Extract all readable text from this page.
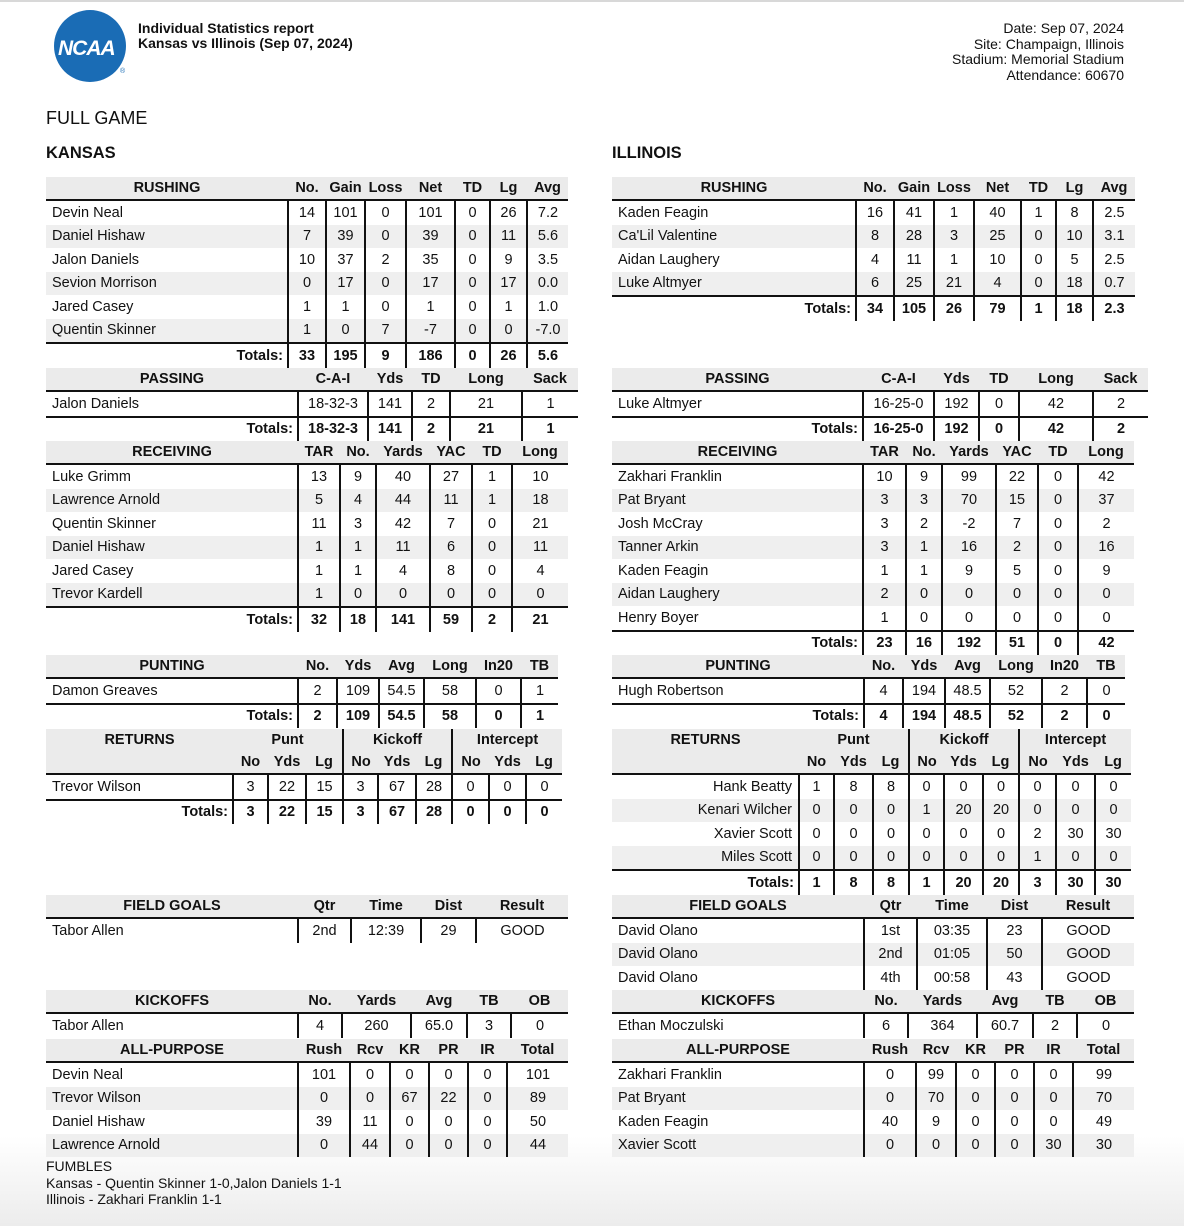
NCAA
®
Individual Statistics report
Kansas vs Illinois (Sep 07, 2024)
Date: Sep 07, 2024
Site: Champaign, Illinois
Stadium: Memorial Stadium
Attendance: 60670
FULL GAME
KANSAS	ILLINOIS
RUSHING	No.	Gain	Loss	Net	TD	Lg	Avg
Devin Neal	14	101	0	101	0	26	7.2
Daniel Hishaw	7	39	0	39	0	11	5.6
Jalon Daniels	10	37	2	35	0	9	3.5
Sevion Morrison	0	17	0	17	0	17	0.0
Jared Casey	1	1	0	1	0	1	1.0
Quentin Skinner	1	0	7	-7	0	0	-7.0
Totals:	33	195	9	186	0	26	5.6
RUSHING	No.	Gain	Loss	Net	TD	Lg	Avg
Kaden Feagin	16	41	1	40	1	8	2.5
Ca'Lil Valentine	8	28	3	25	0	10	3.1
Aidan Laughery	4	11	1	10	0	5	2.5
Luke Altmyer	6	25	21	4	0	18	0.7
Totals:	34	105	26	79	1	18	2.3
PASSING	C-A-I	Yds	TD	Long	Sack
Jalon Daniels	18-32-3	141	2	21	1
Totals:	18-32-3	141	2	21	1
PASSING	C-A-I	Yds	TD	Long	Sack
Luke Altmyer	16-25-0	192	0	42	2
Totals:	16-25-0	192	0	42	2
RECEIVING	TAR	No.	Yards	YAC	TD	Long
Luke Grimm	13	9	40	27	1	10
Lawrence Arnold	5	4	44	11	1	18
Quentin Skinner	11	3	42	7	0	21
Daniel Hishaw	1	1	11	6	0	11
Jared Casey	1	1	4	8	0	4
Trevor Kardell	1	0	0	0	0	0
Totals:	32	18	141	59	2	21
RECEIVING	TAR	No.	Yards	YAC	TD	Long
Zakhari Franklin	10	9	99	22	0	42
Pat Bryant	3	3	70	15	0	37
Josh McCray	3	2	-2	7	0	2
Tanner Arkin	3	1	16	2	0	16
Kaden Feagin	1	1	9	5	0	9
Aidan Laughery	2	0	0	0	0	0
Henry Boyer	1	0	0	0	0	0
Totals:	23	16	192	51	0	42
PUNTING	No.	Yds	Avg	Long	In20	TB
Damon Greaves	2	109	54.5	58	0	1
Totals:	2	109	54.5	58	0	1
PUNTING	No.	Yds	Avg	Long	In20	TB
Hugh Robertson	4	194	48.5	52	2	0
Totals:	4	194	48.5	52	2	0
RETURNS	Punt			Kickoff			Intercept		
	No	Yds	Lg	No	Yds	Lg	No	Yds	Lg
Trevor Wilson	3	22	15	3	67	28	0	0	0
Totals:	3	22	15	3	67	28	0	0	0
RETURNS	Punt			Kickoff			Intercept		
	No	Yds	Lg	No	Yds	Lg	No	Yds	Lg
Hank Beatty	1	8	8	0	0	0	0	0	0
Kenari Wilcher	0	0	0	1	20	20	0	0	0
Xavier Scott	0	0	0	0	0	0	2	30	30
Miles Scott	0	0	0	0	0	0	1	0	0
Totals:	1	8	8	1	20	20	3	30	30
FIELD GOALS	Qtr	Time	Dist	Result
Tabor Allen	2nd	12:39	29	GOOD
FIELD GOALS	Qtr	Time	Dist	Result
David Olano	1st	03:35	23	GOOD
David Olano	2nd	01:05	50	GOOD
David Olano	4th	00:58	43	GOOD
KICKOFFS	No.	Yards	Avg	TB	OB
Tabor Allen	4	260	65.0	3	0
KICKOFFS	No.	Yards	Avg	TB	OB
Ethan Moczulski	6	364	60.7	2	0
ALL-PURPOSE	Rush	Rcv	KR	PR	IR	Total
Devin Neal	101	0	0	0	0	101
Trevor Wilson	0	0	67	22	0	89
Daniel Hishaw	39	11	0	0	0	50
Lawrence Arnold	0	44	0	0	0	44
ALL-PURPOSE	Rush	Rcv	KR	PR	IR	Total
Zakhari Franklin	0	99	0	0	0	99
Pat Bryant	0	70	0	0	0	70
Kaden Feagin	40	9	0	0	0	49
Xavier Scott	0	0	0	0	30	30
FUMBLES
Kansas - Quentin Skinner 1-0,Jalon Daniels 1-1
Illinois - Zakhari Franklin 1-1
